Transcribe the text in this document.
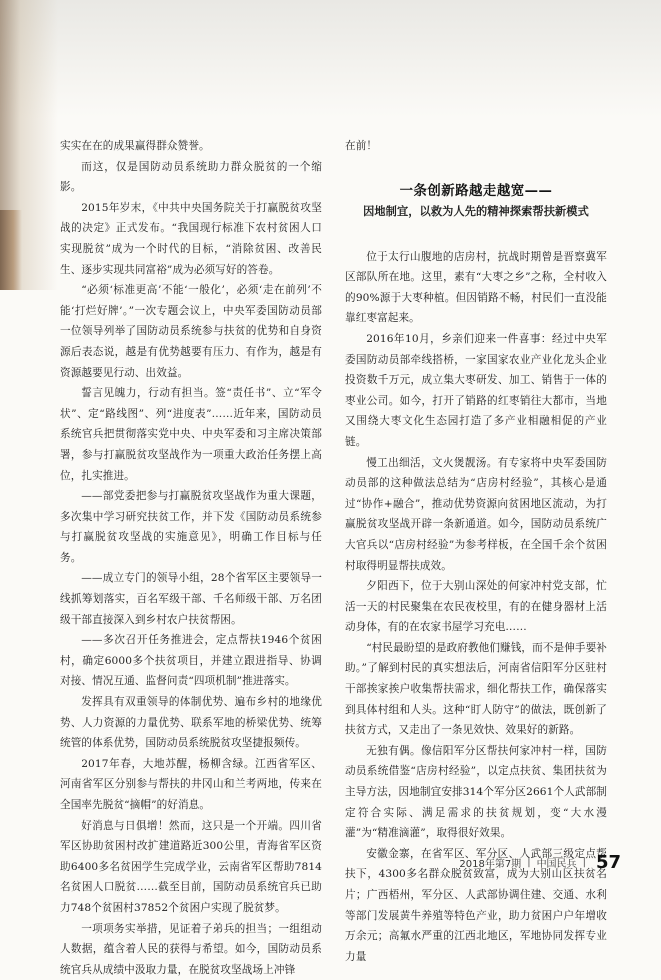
实实在在的成果赢得群众赞誉。

而这，仅是国防动员系统助力群众脱贫的一个缩影。

2015年岁末，《中共中央国务院关于打赢脱贫攻坚战的决定》正式发布。“我国现行标准下农村贫困人口实现脱贫”成为一个时代的目标，“消除贫困、改善民生、逐步实现共同富裕”成为必须写好的答卷。

“必须‘标准更高’不能‘一般化’，必须‘走在前列’不能‘打烂好牌’。”一次专题会议上，中央军委国防动员部一位领导列举了国防动员系统参与扶贫的优势和自身资源后表态说，越是有优势越要有压力、有作为，越是有资源越要见行动、出效益。

誓言见魄力，行动有担当。签“责任书”、立“军令状”、定“路线图”、列“进度表”……近年来，国防动员系统官兵把贯彻落实党中央、中央军委和习主席决策部署，参与打赢脱贫攻坚战作为一项重大政治任务摆上高位，扎实推进。

——部党委把参与打赢脱贫攻坚战作为重大课题，多次集中学习研究扶贫工作，并下发《国防动员系统参与打赢脱贫攻坚战的实施意见》，明确工作目标与任务。

——成立专门的领导小组，28个省军区主要领导一线抓筹划落实，百名军级干部、千名师级干部、万名团级干部直接深入到乡村农户扶贫帮困。

——多次召开任务推进会，定点帮扶1946个贫困村，确定6000多个扶贫项目，并建立跟进指导、协调对接、情况互通、监督问责“四项机制”推进落实。

发挥具有双重领导的体制优势、遍布乡村的地缘优势、人力资源的力量优势、联系军地的桥梁优势、统筹统管的体系优势，国防动员系统脱贫攻坚捷报频传。

2017年春，大地苏醒，杨柳含绿。江西省军区、河南省军区分别参与帮扶的井冈山和兰考两地，传来在全国率先脱贫“摘帽”的好消息。

好消息与日俱增！然而，这只是一个开端。四川省军区协助贫困村改扩建道路近300公里，青海省军区资助6400多名贫困学生完成学业，云南省军区帮助7814名贫困人口脱贫……截至目前，国防动员系统官兵已助力748个贫困村37852个贫困户实现了脱贫梦。

一项项务实举措，见证着子弟兵的担当；一组组动人数据，蕴含着人民的获得与希望。如今，国防动员系统官兵从成绩中汲取力量，在脱贫攻坚战场上冲锋

在前！

一条创新路越走越宽——
因地制宜，以救为人先的精神探索帮扶新模式

位于太行山腹地的店房村，抗战时期曾是晋察冀军区部队所在地。这里，素有“大枣之乡”之称，全村收入的90%源于大枣种植。但因销路不畅，村民们一直没能靠红枣富起来。

2016年10月，乡亲们迎来一件喜事：经过中央军委国防动员部牵线搭桥，一家国家农业产业化龙头企业投资数千万元，成立集大枣研发、加工、销售于一体的枣业公司。如今，打开了销路的红枣销往大都市，当地又围绕大枣文化生态园打造了多产业相融相促的产业链。

慢工出细活，文火煲靓汤。有专家将中央军委国防动员部的这种做法总结为“店房村经验”，其核心是通过“协作+融合”，推动优势资源向贫困地区流动，为打赢脱贫攻坚战开辟一条新通道。如今，国防动员系统广大官兵以“店房村经验”为参考样板，在全国千余个贫困村取得明显帮扶成效。

夕阳西下，位于大别山深处的何家冲村党支部，忙活一天的村民聚集在农民夜校里，有的在健身器材上活动身体，有的在农家书屋学习充电……

“村民最盼望的是政府教他们赚钱，而不是伸手要补助。”了解到村民的真实想法后，河南省信阳军分区驻村干部挨家挨户收集帮扶需求，细化帮扶工作，确保落实到具体村组和人头。这种“盯人防守”的做法，既创新了扶贫方式，又走出了一条见效快、效果好的新路。

无独有偶。像信阳军分区帮扶何家冲村一样，国防动员系统借鉴“店房村经验”，以定点扶贫、集团扶贫为主导方法，因地制宜安排314个军分区2661个人武部制定符合实际、满足需求的扶贫规划，变“大水漫灌”为“精准滴灌”，取得很好效果。

安徽金寨，在省军区、军分区、人武部三级定点帮扶下，4300多名群众脱贫致富，成为大别山区扶贫名片；广西梧州，军分区、人武部协调住建、交通、水利等部门发展黄牛养殖等特色产业，助力贫困户户年增收万余元；高氟水严重的江西北地区，军地协同发挥专业力量

2018年第7期 | 中国民兵 | 57
